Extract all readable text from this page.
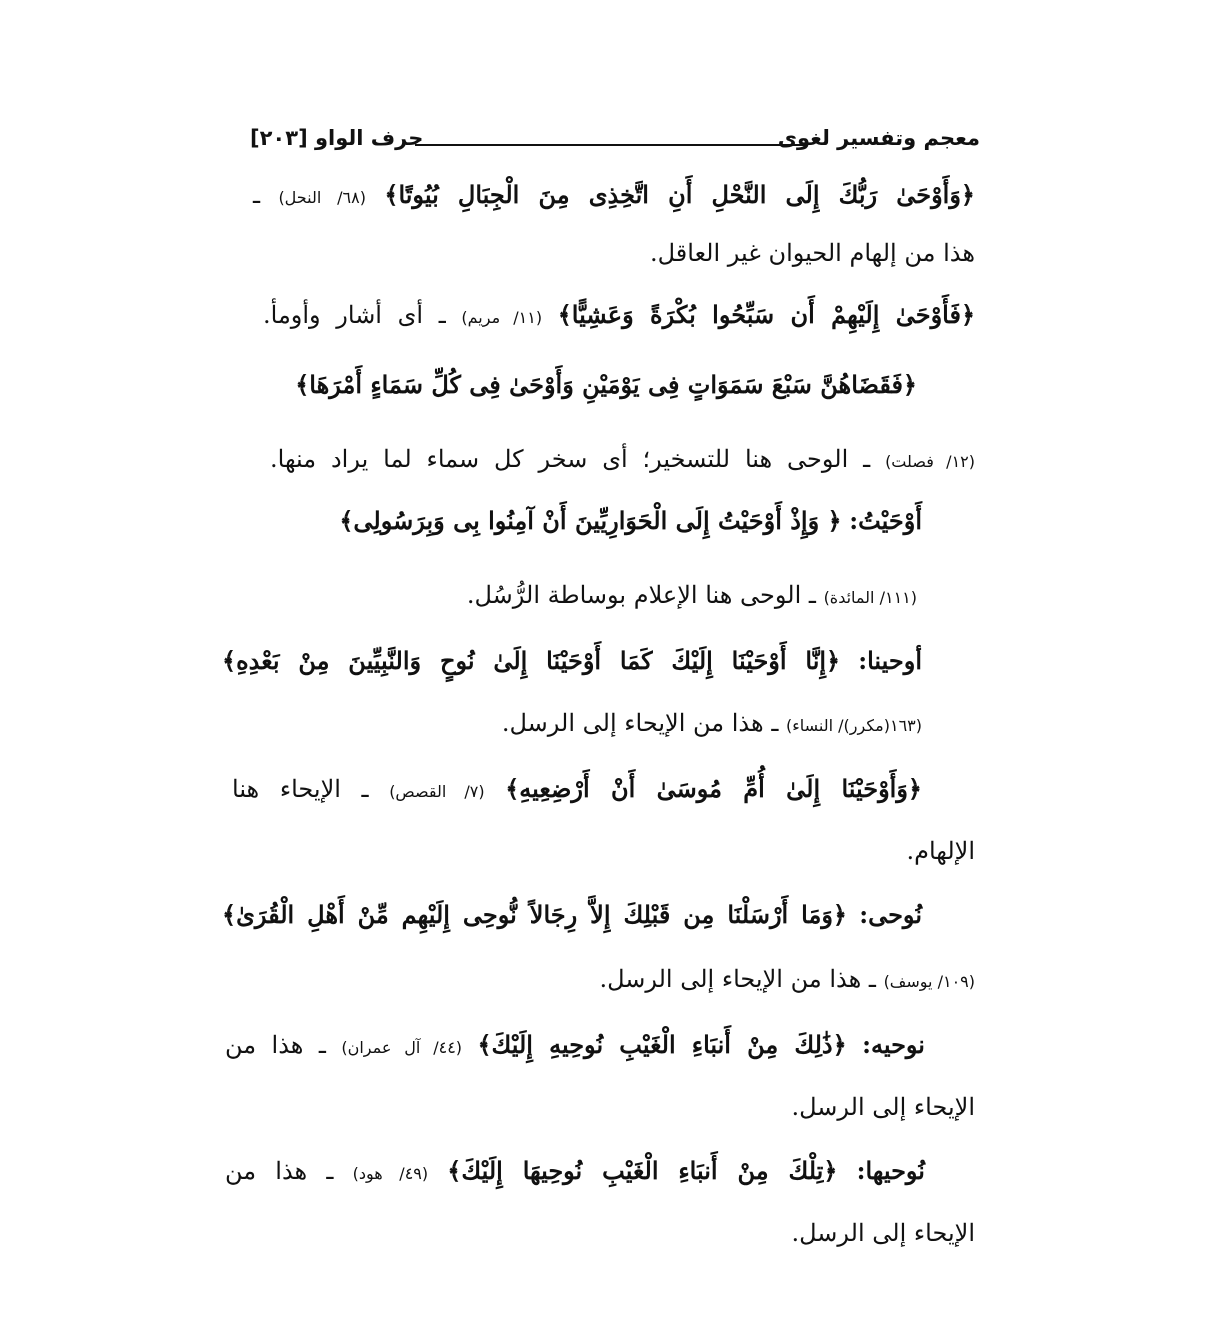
معجم وتفسير لغوى
حرف الواو [٢٠٣]
﴿وَأَوْحَىٰ رَبُّكَ إِلَى النَّحْلِ أَنِ اتَّخِذِى مِنَ الْجِبَالِ بُيُوتًا﴾ (٦٨/ النحل) ـ
هذا من إلهام الحيوان غير العاقل.
﴿فَأَوْحَىٰ إِلَيْهِمْ أَن سَبِّحُوا بُكْرَةً وَعَشِيًّا﴾ (١١/ مريم) ـ أى أشار وأومأ.
﴿فَقَضَاهُنَّ سَبْعَ سَمَوَاتٍ فِى يَوْمَيْنِ وَأَوْحَىٰ فِى كُلِّ سَمَاءٍ أَمْرَهَا﴾
(١٢/ فصلت) ـ الوحى هنا للتسخير؛ أى سخر كل سماء لما يراد منها.
أَوْحَيْتُ: ﴿ وَإِذْ أَوْحَيْتُ إِلَى الْحَوَارِيِّينَ أَنْ آمِنُوا بِى وَبِرَسُولِى﴾
(١١١/ المائدة) ـ الوحى هنا الإعلام بوساطة الرُّسُل.
أوحينا: ﴿إِنَّا أَوْحَيْنَا إِلَيْكَ كَمَا أَوْحَيْنَا إِلَىٰ نُوحٍ وَالنَّبِيِّينَ مِنْ بَعْدِهِ﴾
(١٦٣(مكرر)/ النساء) ـ هذا من الإيحاء إلى الرسل.
﴿وَأَوْحَيْنَا إِلَىٰ أُمِّ مُوسَىٰ أَنْ أَرْضِعِيهِ﴾ (٧/ القصص) ـ الإيحاء هنا
الإلهام.
نُوحى: ﴿وَمَا أَرْسَلْنَا مِن قَبْلِكَ إِلاَّ رِجَالاً نُّوحِى إِلَيْهِم مِّنْ أَهْلِ الْقُرَىٰ﴾
(١٠٩/ يوسف) ـ هذا من الإيحاء إلى الرسل.
نوحيه: ﴿ذَٰلِكَ مِنْ أَنبَاءِ الْغَيْبِ نُوحِيهِ إِلَيْكَ﴾ (٤٤/ آل عمران) ـ هذا من
الإيحاء إلى الرسل.
نُوحيها: ﴿تِلْكَ مِنْ أَنبَاءِ الْغَيْبِ نُوحِيهَا إِلَيْكَ﴾ (٤٩/ هود) ـ هذا من
الإيحاء إلى الرسل.
